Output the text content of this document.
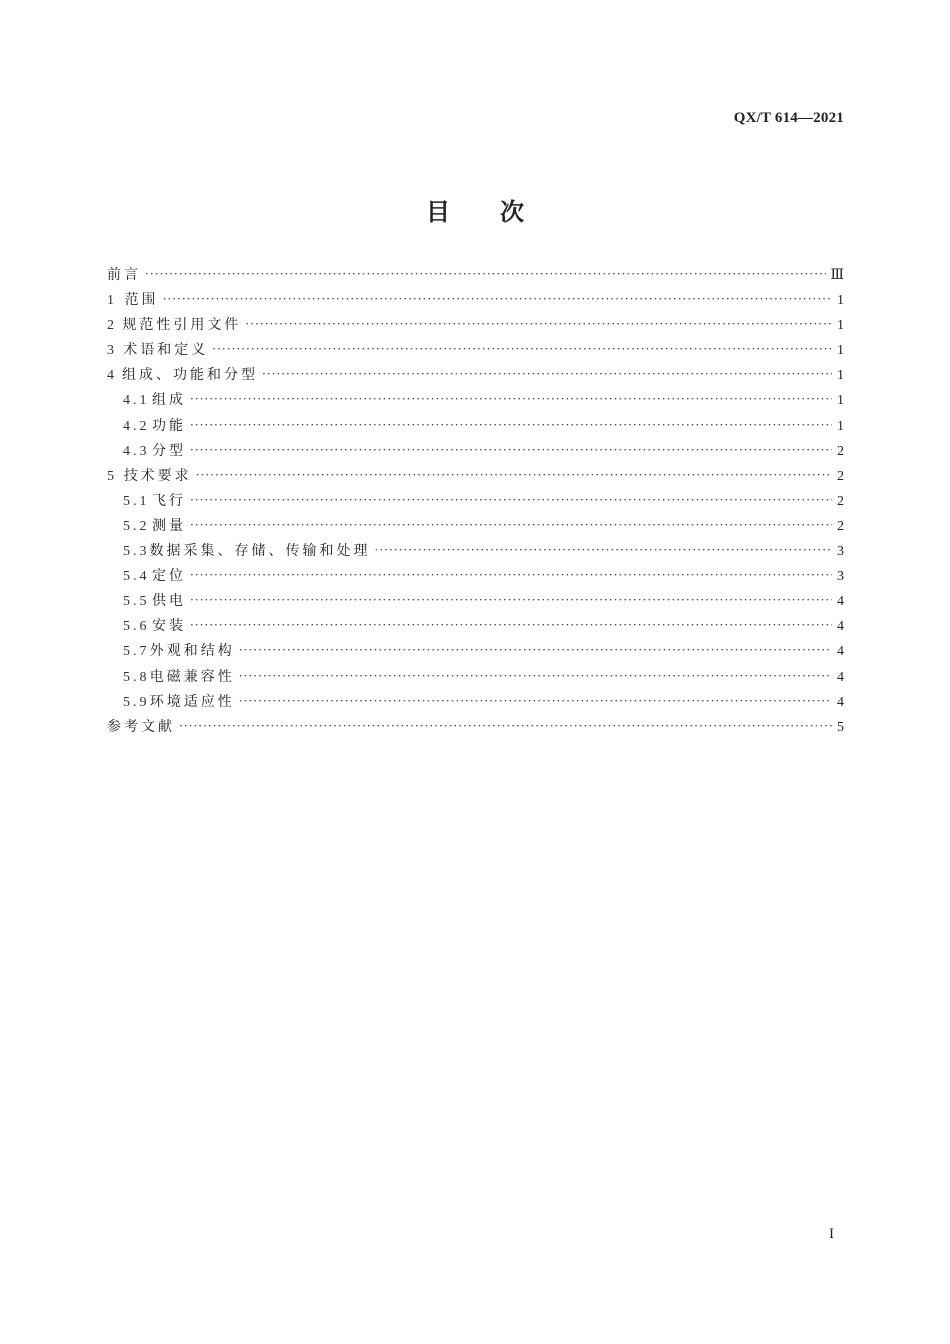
QX/T 614—2021
目次
前言 ·····	Ⅲ
1 范围 ·····	1
2 规范性引用文件 ·····	1
3 术语和定义 ·····	1
4 组成、功能和分型 ·····	1
4.1 组成 ·····	1
4.2 功能 ·····	1
4.3 分型 ·····	2
5 技术要求 ·····	2
5.1 飞行 ·····	2
5.2 测量 ·····	2
5.3 数据采集、存储、传输和处理 ·····	3
5.4 定位 ·····	3
5.5 供电 ·····	4
5.6 安装 ·····	4
5.7 外观和结构 ·····	4
5.8 电磁兼容性 ·····	4
5.9 环境适应性 ·····	4
参考文献 ·····	5
I
